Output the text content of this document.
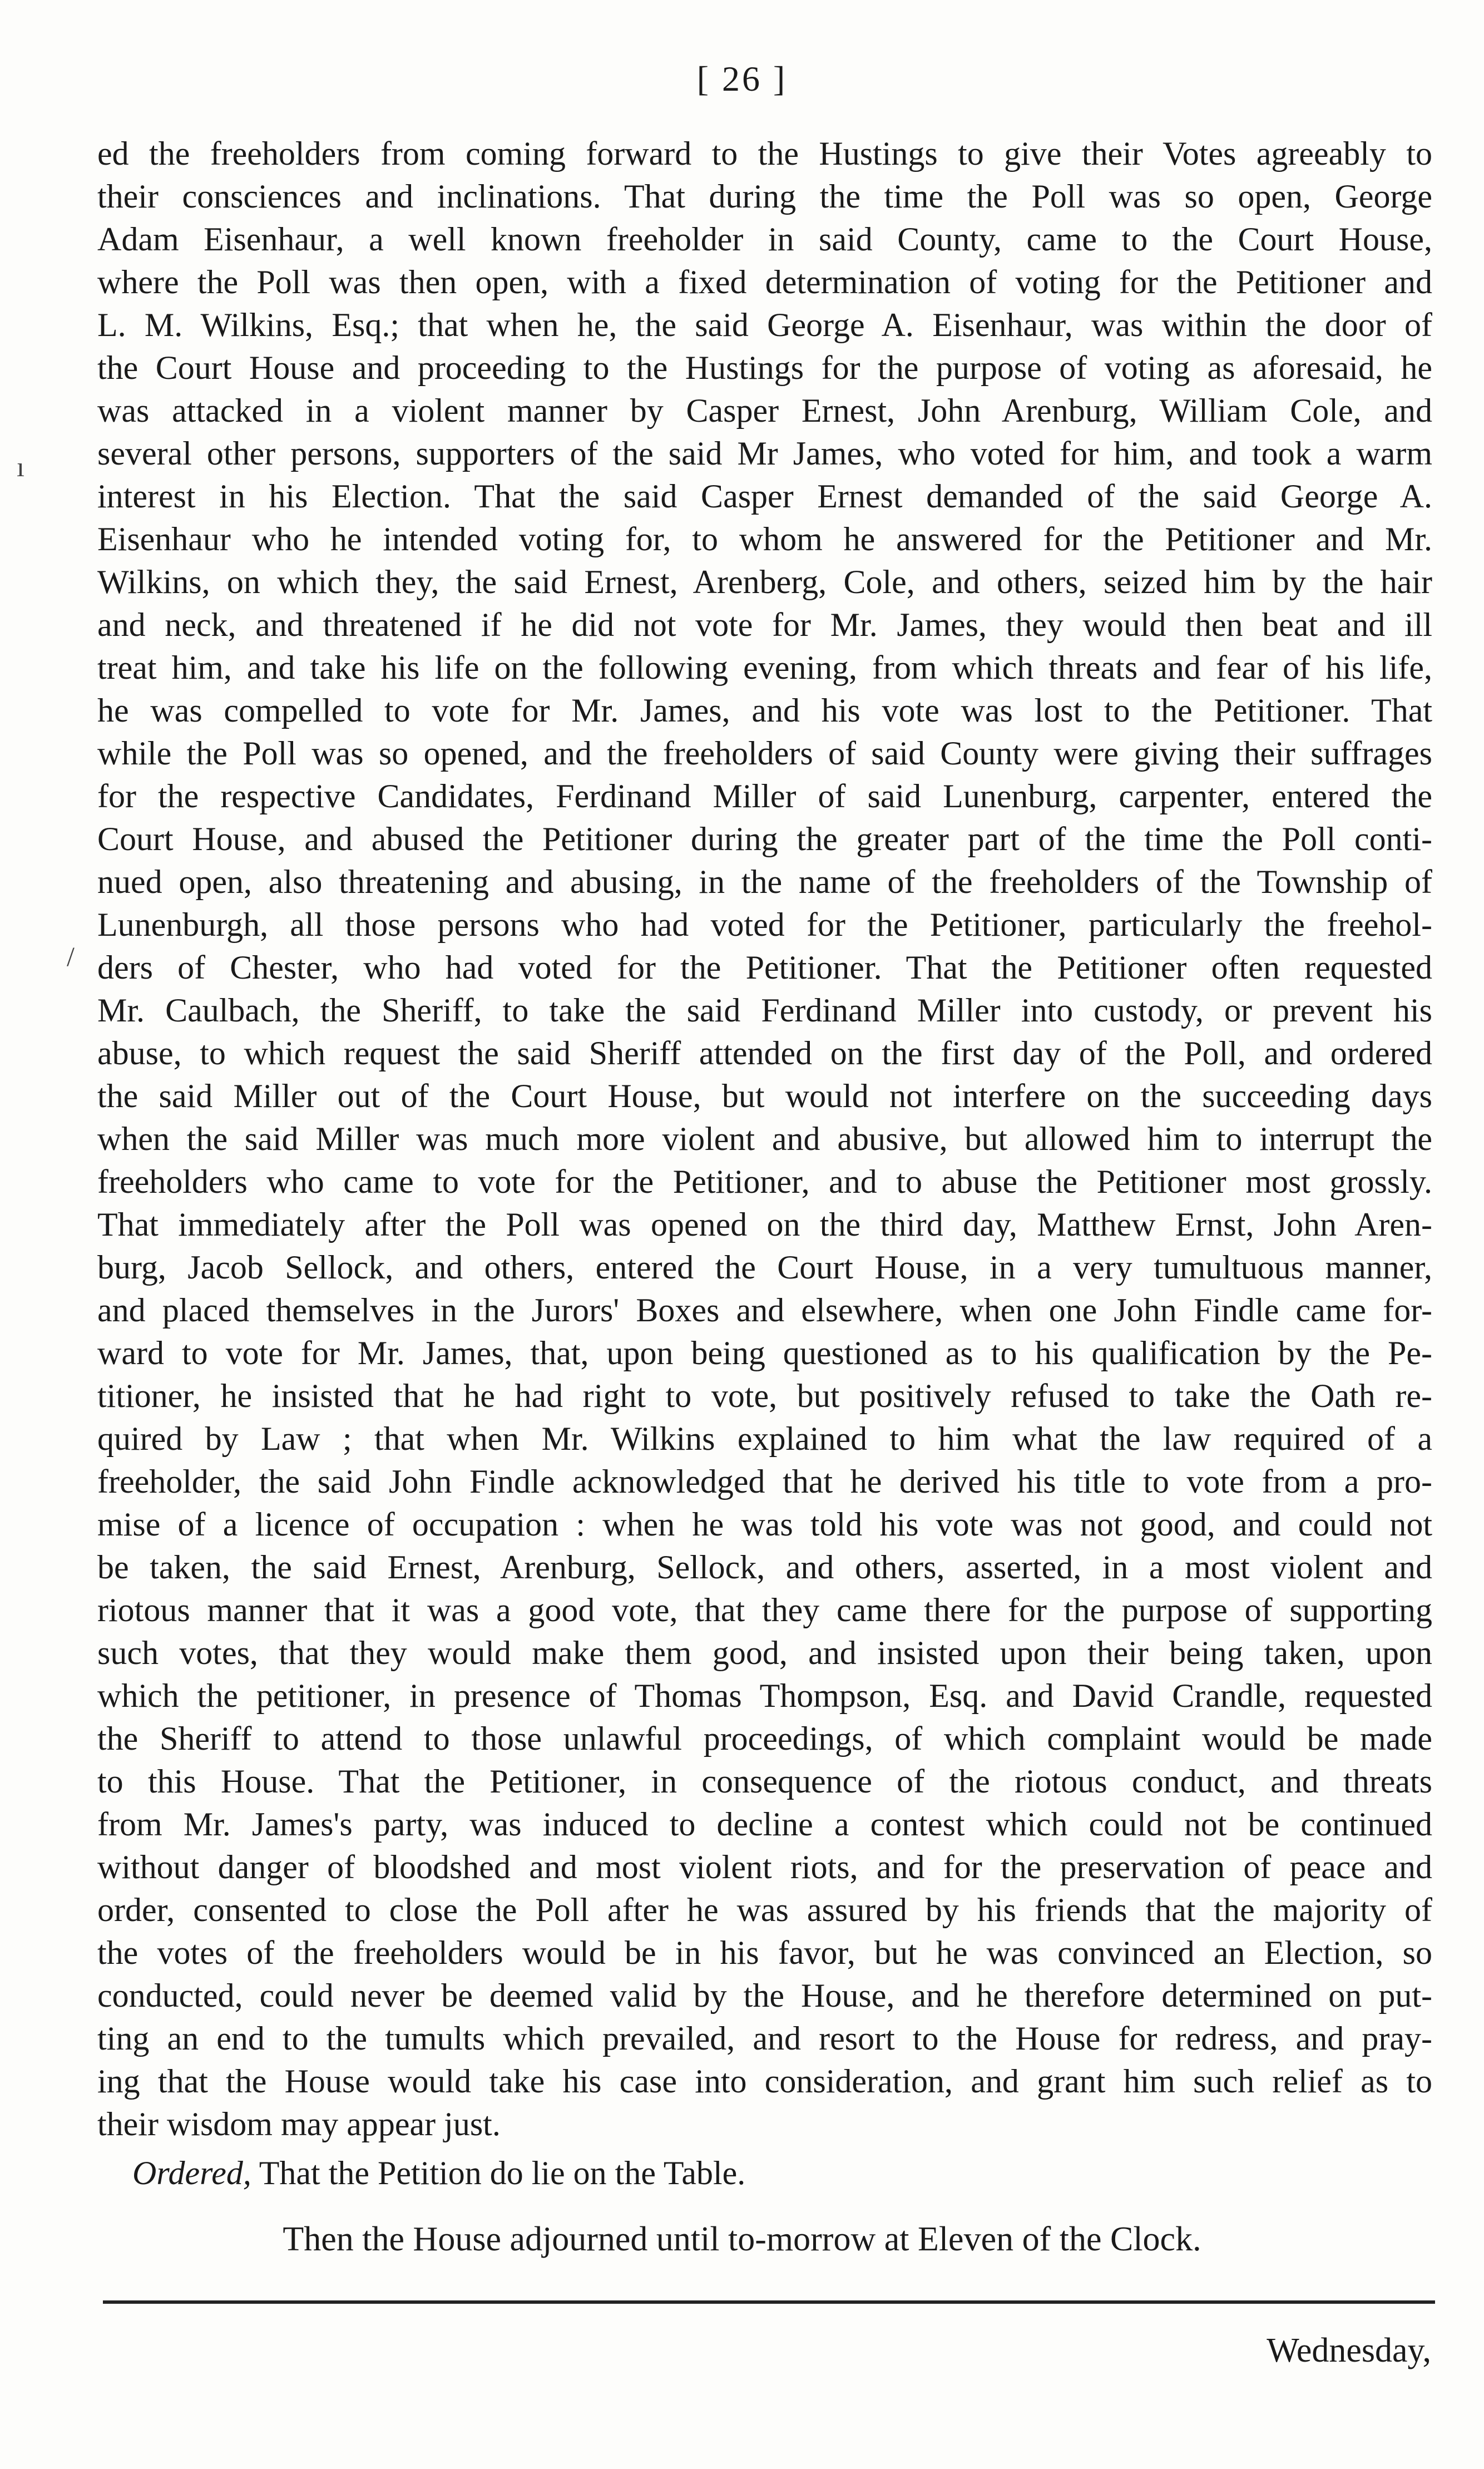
[ 26 ]
ed the freeholders from coming forward to the Hustings to give their Votes agreeably to
their consciences and inclinations. That during the time the Poll was so open, George
Adam Eisenhaur, a well known freeholder in said County, came to the Court House,
where the Poll was then open, with a fixed determination of voting for the Petitioner and
L. M. Wilkins, Esq.; that when he, the said George A. Eisenhaur, was within the door of
the Court House and proceeding to the Hustings for the purpose of voting as aforesaid, he
was attacked in a violent manner by Casper Ernest, John Arenburg, William Cole, and
several other persons, supporters of the said Mr James, who voted for him, and took a warm
interest in his Election. That the said Casper Ernest demanded of the said George A.
Eisenhaur who he intended voting for, to whom he answered for the Petitioner and Mr.
Wilkins, on which they, the said Ernest, Arenberg, Cole, and others, seized him by the hair
and neck, and threatened if he did not vote for Mr. James, they would then beat and ill
treat him, and take his life on the following evening, from which threats and fear of his life,
he was compelled to vote for Mr. James, and his vote was lost to the Petitioner. That
while the Poll was so opened, and the freeholders of said County were giving their suffrages
for the respective Candidates, Ferdinand Miller of said Lunenburg, carpenter, entered the
Court House, and abused the Petitioner during the greater part of the time the Poll conti-
nued open, also threatening and abusing, in the name of the freeholders of the Township of
Lunenburgh, all those persons who had voted for the Petitioner, particularly the freehol-
ders of Chester, who had voted for the Petitioner. That the Petitioner often requested
Mr. Caulbach, the Sheriff, to take the said Ferdinand Miller into custody, or prevent his
abuse, to which request the said Sheriff attended on the first day of the Poll, and ordered
the said Miller out of the Court House, but would not interfere on the succeeding days
when the said Miller was much more violent and abusive, but allowed him to interrupt the
freeholders who came to vote for the Petitioner, and to abuse the Petitioner most grossly.
That immediately after the Poll was opened on the third day, Matthew Ernst, John Aren-
burg, Jacob Sellock, and others, entered the Court House, in a very tumultuous manner,
and placed themselves in the Jurors' Boxes and elsewhere, when one John Findle came for-
ward to vote for Mr. James, that, upon being questioned as to his qualification by the Pe-
titioner, he insisted that he had right to vote, but positively refused to take the Oath re-
quired by Law ; that when Mr. Wilkins explained to him what the law required of a
freeholder, the said John Findle acknowledged that he derived his title to vote from a pro-
mise of a licence of occupation : when he was told his vote was not good, and could not
be taken, the said Ernest, Arenburg, Sellock, and others, asserted, in a most violent and
riotous manner that it was a good vote, that they came there for the purpose of supporting
such votes, that they would make them good, and insisted upon their being taken, upon
which the petitioner, in presence of Thomas Thompson, Esq. and David Crandle, requested
the Sheriff to attend to those unlawful proceedings, of which complaint would be made
to this House. That the Petitioner, in consequence of the riotous conduct, and threats
from Mr. James's party, was induced to decline a contest which could not be continued
without danger of bloodshed and most violent riots, and for the preservation of peace and
order, consented to close the Poll after he was assured by his friends that the majority of
the votes of the freeholders would be in his favor, but he was convinced an Election, so
conducted, could never be deemed valid by the House, and he therefore determined on put-
ting an end to the tumults which prevailed, and resort to the House for redress, and pray-
ing that the House would take his case into consideration, and grant him such relief as to
their wisdom may appear just.
Ordered, That the Petition do lie on the Table.
Then the House adjourned until to-morrow at Eleven of the Clock.
Wednesday,
ı
/
